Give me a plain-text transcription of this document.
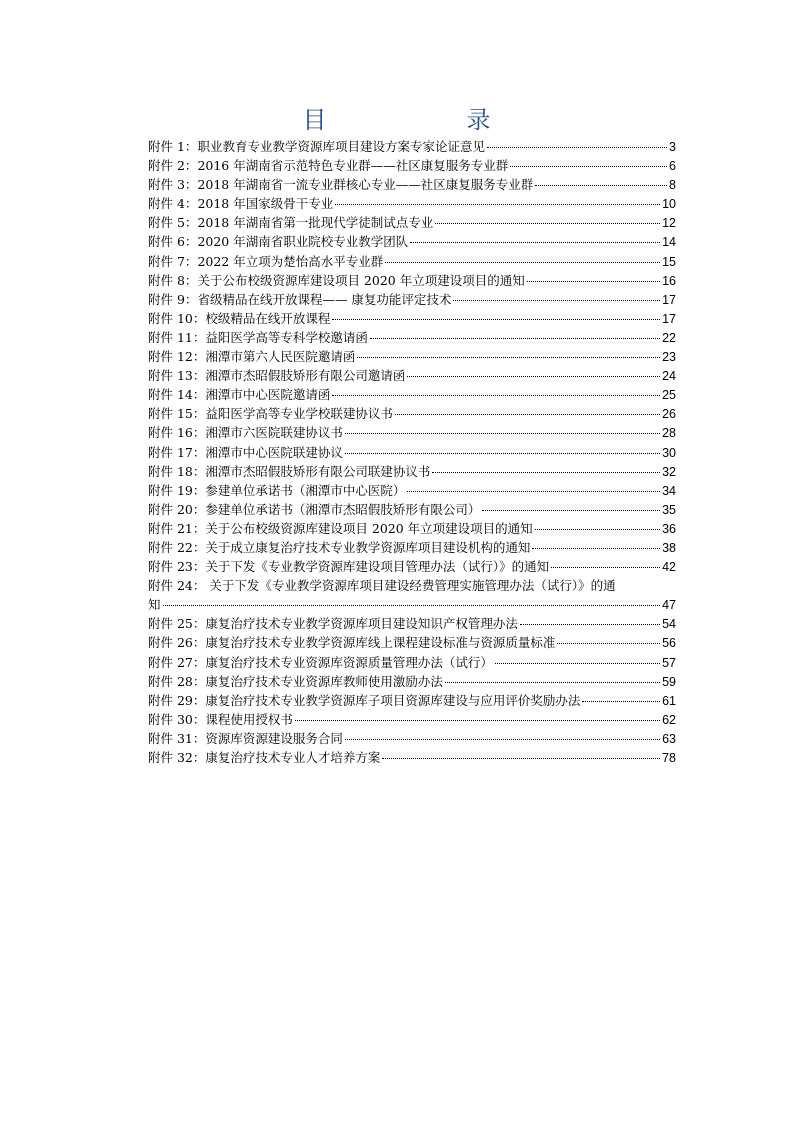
目　录
附件 1： 职业教育专业教学资源库项目建设方案专家论证意见	3
附件 2： 2016 年湖南省示范特色专业群——社区康复服务专业群	6
附件 3： 2018 年湖南省一流专业群核心专业——社区康复服务专业群	8
附件 4： 2018 年国家级骨干专业	10
附件 5： 2018 年湖南省第一批现代学徒制试点专业	12
附件 6： 2020 年湖南省职业院校专业教学团队	14
附件 7： 2022 年立项为楚怡高水平专业群	15
附件 8： 关于公布校级资源库建设项目 2020 年立项建设项目的通知	16
附件 9： 省级精品在线开放课程—— 康复功能评定技术	17
附件 10： 校级精品在线开放课程	17
附件 11： 益阳医学高等专科学校邀请函	22
附件 12： 湘潭市第六人民医院邀请函	23
附件 13： 湘潭市杰昭假肢矫形有限公司邀请函	24
附件 14： 湘潭市中心医院邀请函	25
附件 15： 益阳医学高等专业学校联建协议书	26
附件 16： 湘潭市六医院联建协议书	28
附件 17： 湘潭市中心医院联建协议	30
附件 18： 湘潭市杰昭假肢矫形有限公司联建协议书	32
附件 19： 参建单位承诺书（湘潭市中心医院）	34
附件 20： 参建单位承诺书（湘潭市杰昭假肢矫形有限公司）	35
附件 21： 关于公布校级资源库建设项目 2020 年立项建设项目的通知	36
附件 22： 关于成立康复治疗技术专业教学资源库项目建设机构的通知	38
附件 23： 关于下发《专业教学资源库建设项目管理办法（试行）》的通知	42
附件 24： 关于下发《专业教学资源库项目建设经费管理实施管理办法（试行）》的通
知	47
附件 25： 康复治疗技术专业教学资源库项目建设知识产权管理办法	54
附件 26： 康复治疗技术专业教学资源库线上课程建设标准与资源质量标准	56
附件 27： 康复治疗技术专业资源库资源质量管理办法（试行）	57
附件 28： 康复治疗技术专业资源库教师使用激励办法	59
附件 29： 康复治疗技术专业教学资源库子项目资源库建设与应用评价奖励办法	61
附件 30： 课程使用授权书	62
附件 31： 资源库资源建设服务合同	63
附件 32： 康复治疗技术专业人才培养方案	78
